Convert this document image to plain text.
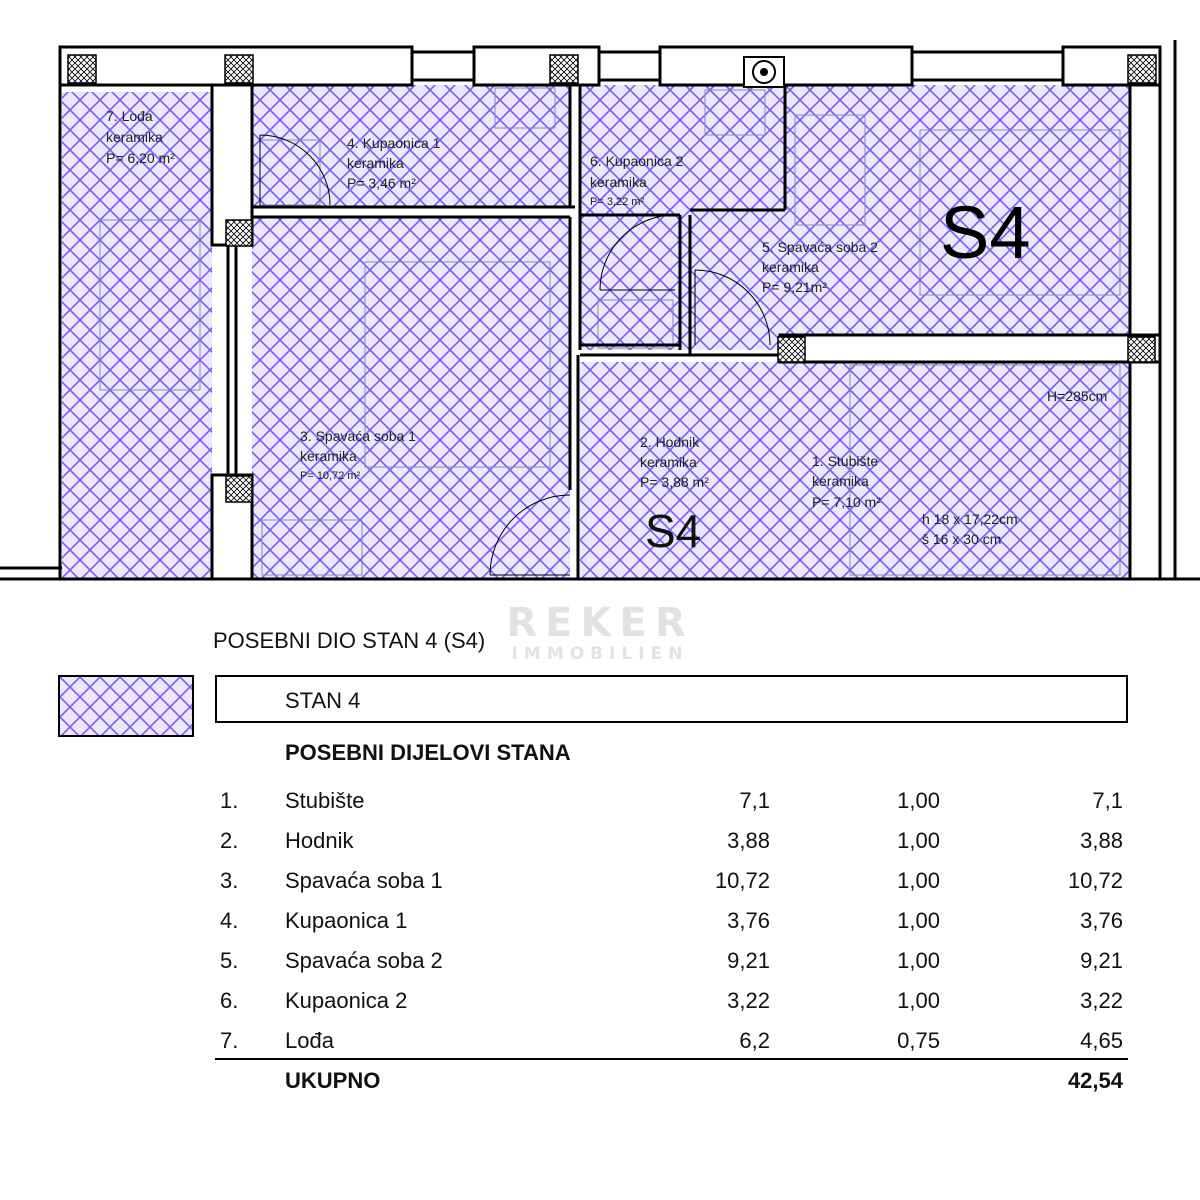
7. Lođa
keramika
P= 6,20 m²
4. Kupaonica 1
keramika
P= 3,46 m²
6. Kupaonica 2
keramika
P= 3,22 m²
5. Spavaća soba 2
keramika
P= 9,21m²
3. Spavaća soba 1
keramika
P= 10,72 m²
2. Hodnik
keramika
P= 3,88 m²
1. Stubište
keramika
P= 7,10 m²
h 18 x 17,22cm
š 16 x 30 cm
H=285cm
S4
S4
REKER
IMMOBILIEN
POSEBNI DIO STAN 4 (S4)
STAN 4
POSEBNI DIJELOVI STANA
1. Stubište	7,1	1,00	7,1
2. Hodnik	3,88	1,00	3,88
3. Spavaća soba 1	10,72	1,00	10,72
4. Kupaonica 1	3,76	1,00	3,76
5. Spavaća soba 2	9,21	1,00	9,21
6. Kupaonica 2	3,22	1,00	3,22
7. Lođa	6,2	0,75	4,65
UKUPNO	42,54
